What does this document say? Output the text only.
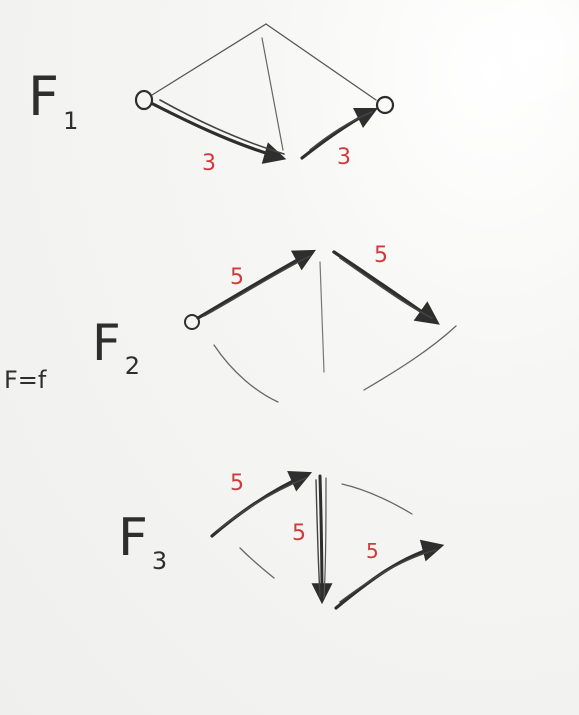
F 1
F=f
F 2
F 3
3	3
5
5
5
5
5
